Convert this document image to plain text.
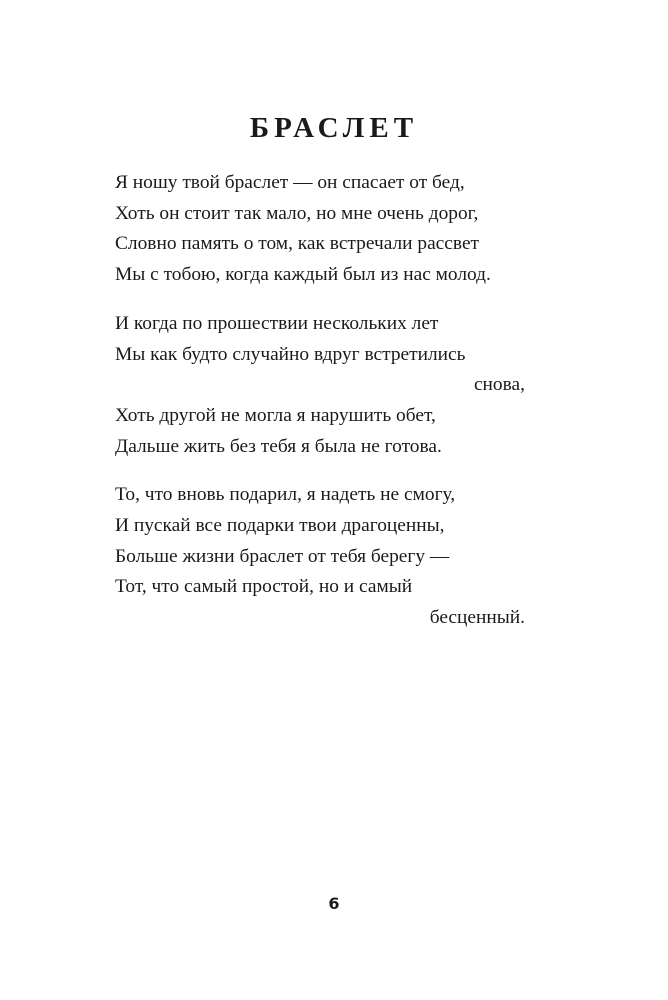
БРАСЛЕТ
Я ношу твой браслет — он спасает от бед,
Хоть он стоит так мало, но мне очень дорог,
Словно память о том, как встречали рассвет
Мы с тобою, когда каждый был из нас молод.
И когда по прошествии нескольких лет
Мы как будто случайно вдруг встретились
снова,
Хоть другой не могла я нарушить обет,
Дальше жить без тебя я была не готова.
То, что вновь подарил, я надеть не смогу,
И пускай все подарки твои драгоценны,
Больше жизни браслет от тебя берегу —
Тот, что самый простой, но и самый
бесценный.
6
